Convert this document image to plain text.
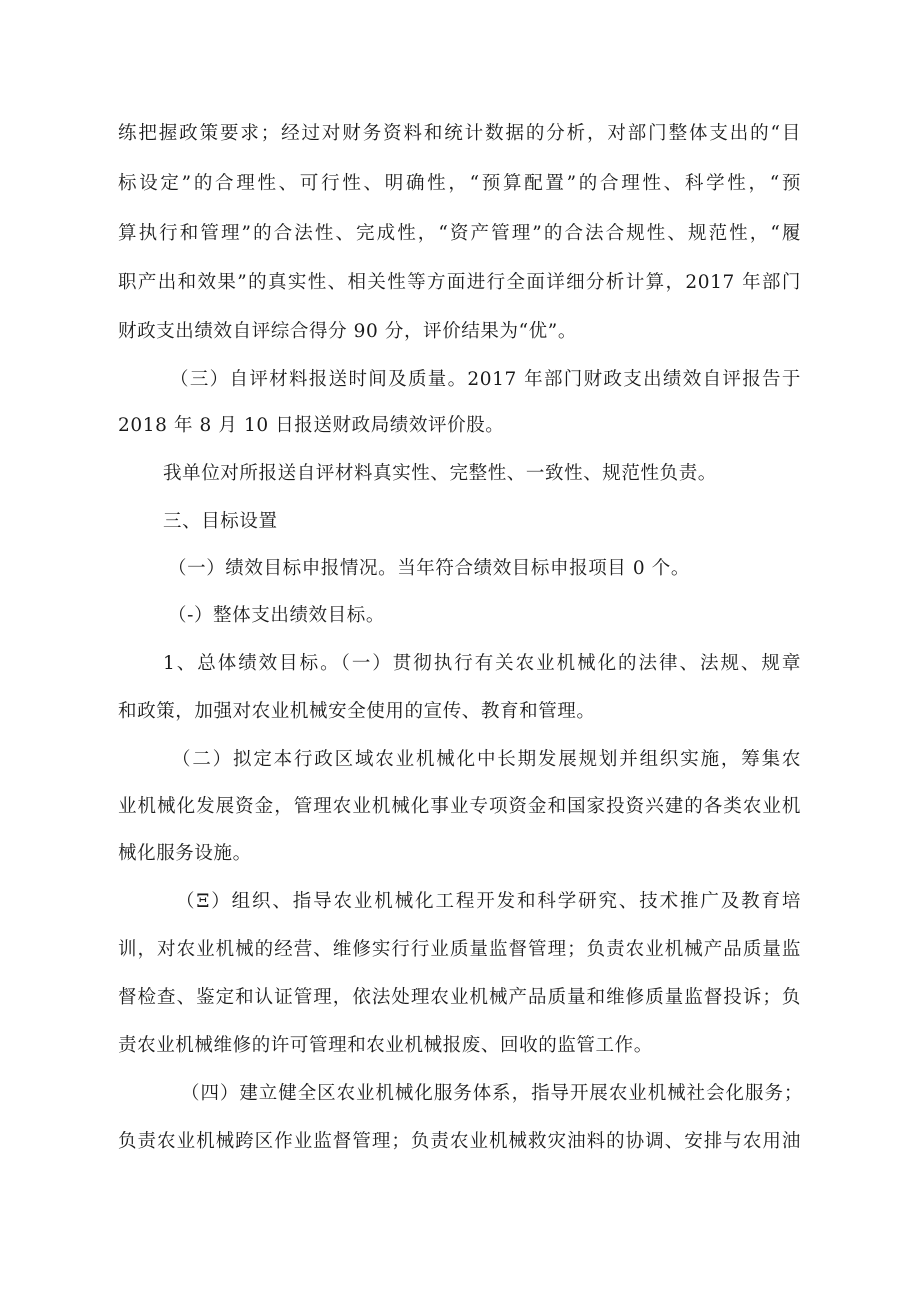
练把握政策要求；经过对财务资料和统计数据的分析，对部门整体支出的“目

标设定”的合理性、可行性、明确性，“预算配置”的合理性、科学性，“预

算执行和管理”的合法性、完成性，“资产管理”的合法合规性、规范性，“履

职产出和效果”的真实性、相关性等方面进行全面详细分析计算，2017 年部门

财政支出绩效自评综合得分 90 分，评价结果为“优”。

（三）自评材料报送时间及质量。2017 年部门财政支出绩效自评报告于

2018 年 8 月 10 日报送财政局绩效评价股。

我单位对所报送自评材料真实性、完整性、一致性、规范性负责。

三、目标设置

（一）绩效目标申报情况。当年符合绩效目标申报项目 0 个。

（-）整体支出绩效目标。

1、总体绩效目标。（一）贯彻执行有关农业机械化的法律、法规、规章

和政策，加强对农业机械安全使用的宣传、教育和管理。

（二）拟定本行政区域农业机械化中长期发展规划并组织实施，筹集农

业机械化发展资金，管理农业机械化事业专项资金和国家投资兴建的各类农业机

械化服务设施。

（Ξ）组织、指导农业机械化工程开发和科学研究、技术推广及教育培

训，对农业机械的经营、维修实行行业质量监督管理；负责农业机械产品质量监

督检查、鉴定和认证管理，依法处理农业机械产品质量和维修质量监督投诉；负

责农业机械维修的许可管理和农业机械报废、回收的监管工作。

（四）建立健全区农业机械化服务体系，指导开展农业机械社会化服务；

负责农业机械跨区作业监督管理；负责农业机械救灾油料的协调、安排与农用油
